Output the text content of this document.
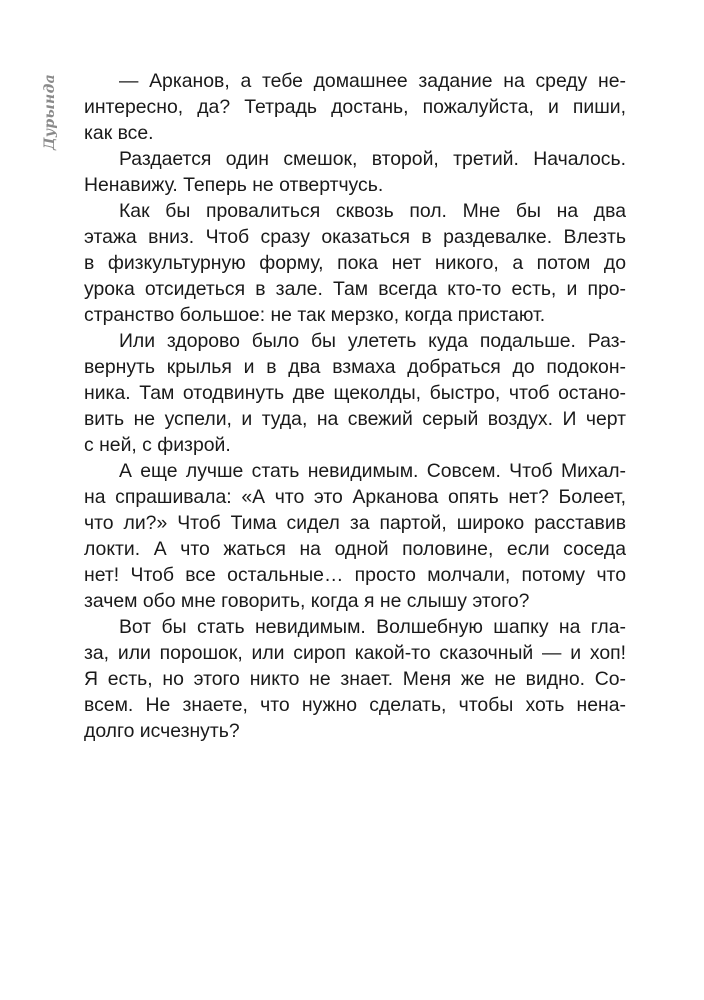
Дурында	— Арканов, а тебе домашнее задание на среду не-
интересно, да? Тетрадь достань, пожалуйста, и пиши,
как все.
Раздается один смешок, второй, третий. Началось.
Ненавижу. Теперь не отвертчусь.
Как бы провалиться сквозь пол. Мне бы на два
этажа вниз. Чтоб сразу оказаться в раздевалке. Влезть
в физкультурную форму, пока нет никого, а потом до
урока отсидеться в зале. Там всегда кто-то есть, и про-
странство большое: не так мерзко, когда пристают.
Или здорово было бы улететь куда подальше. Раз-
вернуть крылья и в два взмаха добраться до подокон-
ника. Там отодвинуть две щеколды, быстро, чтоб остано-
вить не успели, и туда, на свежий серый воздух. И черт
с ней, с физрой.
А еще лучше стать невидимым. Совсем. Чтоб Михал-
на спрашивала: «А что это Арканова опять нет? Болеет,
что ли?» Чтоб Тима сидел за партой, широко расставив
локти. А что жаться на одной половине, если соседа
нет! Чтоб все остальные… просто молчали, потому что
зачем обо мне говорить, когда я не слышу этого?
Вот бы стать невидимым. Волшебную шапку на гла-
за, или порошок, или сироп какой-то сказочный — и хоп!
Я есть, но этого никто не знает. Меня же не видно. Со-
всем. Не знаете, что нужно сделать, чтобы хоть нена-
долго исчезнуть?
